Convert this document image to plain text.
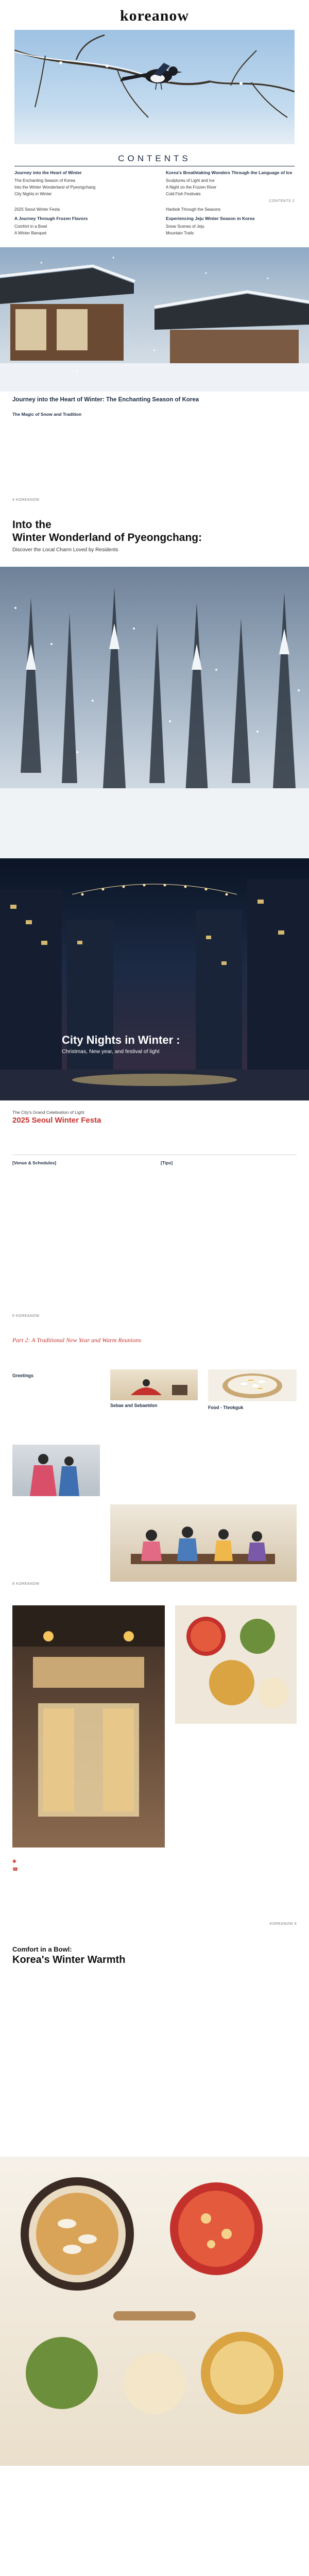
koreanow
CONTENTS
Journey into the Heart of Winter
The Enchanting Season of Korea
Into the Winter Wonderland of Pyeongchang
City Nights in Winter
Korea's Breathtaking Wonders Through the Language of Ice
Sculptures of Light and Ice
A Night on the Frozen River
Cold Fish Festivals
CONTENTS 2
2025 Seoul Winter Festa
A Journey Through Frozen Flavors
Comfort in a Bowl
A Winter Banquet
Hanbok Through the Seasons
Experiencing Jeju Winter Season in Korea
Snow Scenes of Jeju
Mountain Trails
Journey into the Heart of Winter: The Enchanting Season of Korea
The Magic of Snow and Tradition
4 KOREANOW
Into the
Winter Wonderland of Pyeongchang:
Discover the Local Charm Loved by Residents
City Nights in Winter :
Christmas, New year, and festival of light
The City's Grand Celebration of Light
2025 Seoul Winter Festa
[Venue & Schedules]	[Tips]
6 KOREANOW
Part 2: A Traditional New Year and Warm Reunions
Greetings
Sebae and Sebaetdon	Food - Tteokguk
8 KOREANOW
◉
☎
KOREANOW 9
Comfort in a Bowl:
Korea's Winter Warmth
